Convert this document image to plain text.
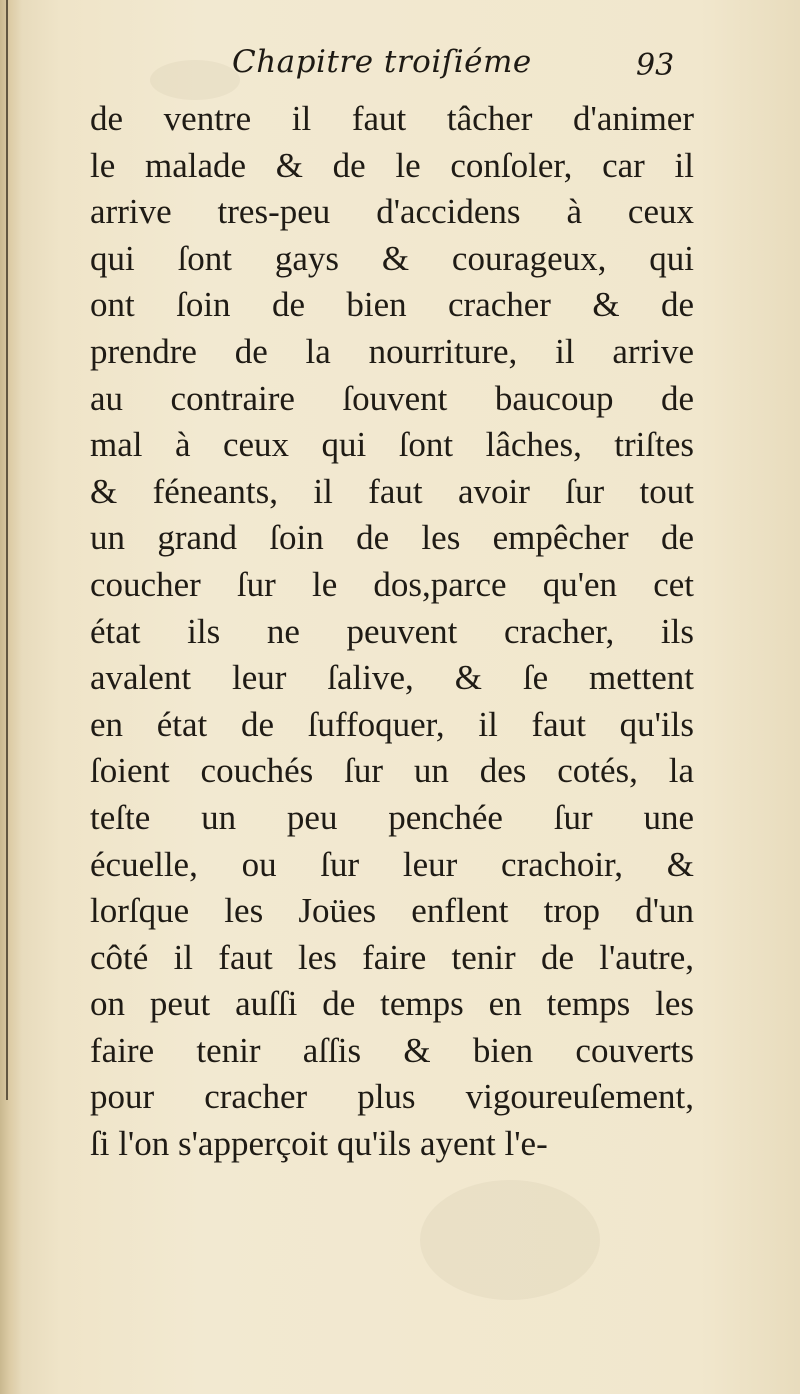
Chapitre troiſiéme	93
de ventre il faut tâcher d'animer
le malade & de le conſoler, car il
arrive tres-peu d'accidens à ceux
qui ſont gays & courageux, qui
ont ſoin de bien cracher & de
prendre de la nourriture, il arrive
au contraire ſouvent baucoup de
mal à ceux qui ſont lâches, triſtes
& féneants, il faut avoir ſur tout
un grand ſoin de les empêcher de
coucher ſur le dos,parce qu'en cet
état ils ne peuvent cracher, ils
avalent leur ſalive, & ſe mettent
en état de ſuffoquer, il faut qu'ils
ſoient couchés ſur un des cotés, la
teſte un peu penchée ſur une
écuelle, ou ſur leur crachoir, &
lorſque les Joües enflent trop d'un
côté il faut les faire tenir de l'autre,
on peut auſſi de temps en temps les
faire tenir aſſis & bien couverts
pour cracher plus vigoureuſement,
ſi l'on s'apperçoit qu'ils ayent l'e-
